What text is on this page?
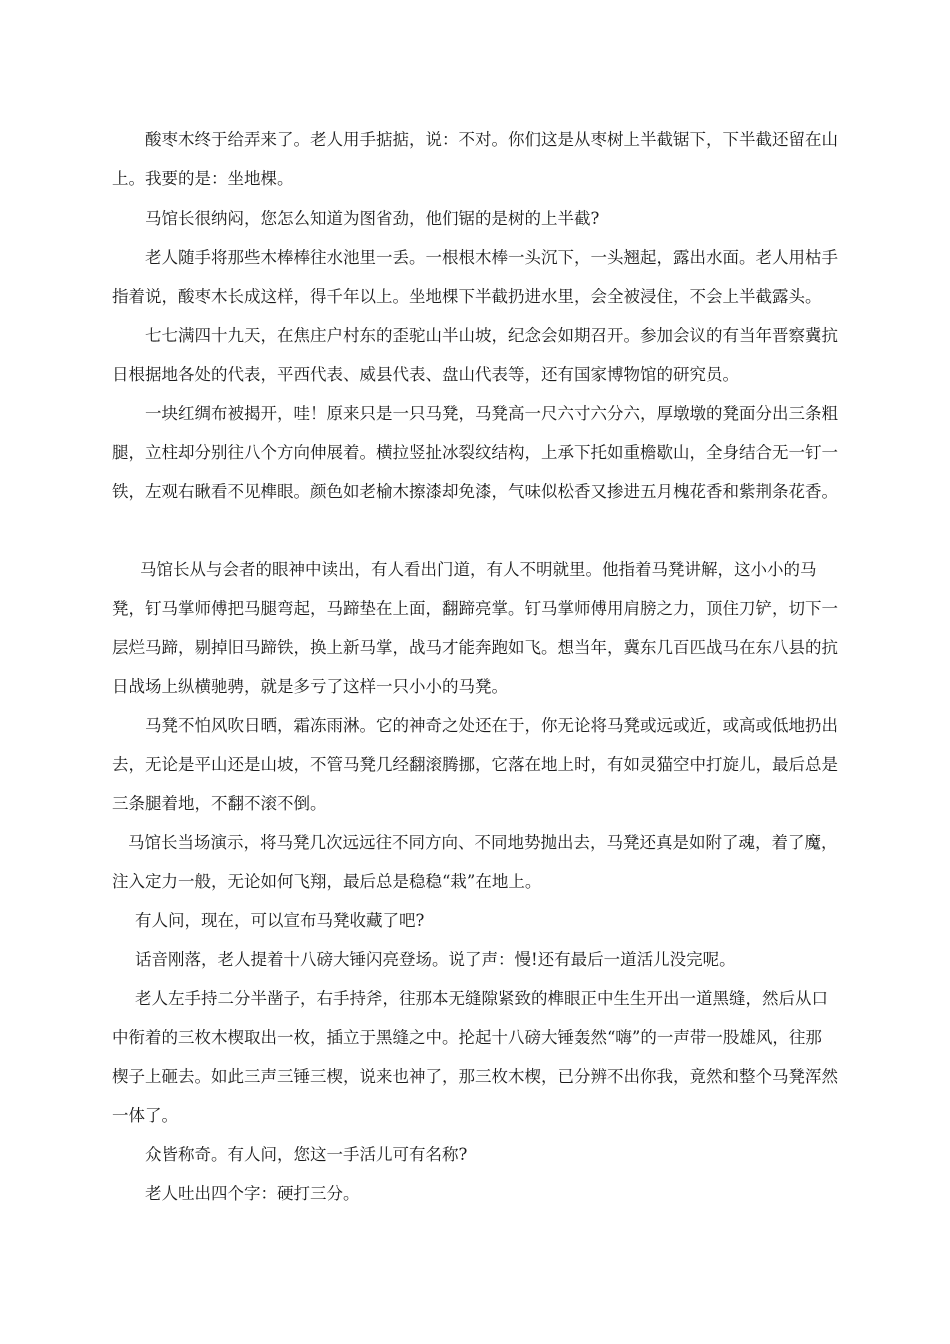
酸枣木终于给弄来了。老人用手掂掂，说：不对。你们这是从枣树上半截锯下，下半截还留在山上。我要的是：坐地棵。

马馆长很纳闷，您怎么知道为图省劲，他们锯的是树的上半截?

老人随手将那些木棒棒往水池里一丢。一根根木棒一头沉下，一头翘起，露出水面。老人用枯手指着说，酸枣木长成这样，得千年以上。坐地棵下半截扔进水里，会全被浸住，不会上半截露头。

七七满四十九天，在焦庄户村东的歪驼山半山坡，纪念会如期召开。参加会议的有当年晋察冀抗日根据地各处的代表，平西代表、威县代表、盘山代表等，还有国家博物馆的研究员。

一块红绸布被揭开，哇！原来只是一只马凳，马凳高一尺六寸六分六，厚墩墩的凳面分出三条粗腿，立柱却分别往八个方向伸展着。横拉竖扯冰裂纹结构，上承下托如重檐歇山，全身结合无一钉一铁，左观右瞅看不见榫眼。颜色如老榆木擦漆却免漆，气味似松香又掺进五月槐花香和紫荆条花香。

马馆长从与会者的眼神中读出，有人看出门道，有人不明就里。他指着马凳讲解，这小小的马凳，钉马掌师傅把马腿弯起，马蹄垫在上面，翻蹄亮掌。钉马掌师傅用肩膀之力，顶住刀铲，切下一层烂马蹄，剔掉旧马蹄铁，换上新马掌，战马才能奔跑如飞。想当年，冀东几百匹战马在东八县的抗日战场上纵横驰骋，就是多亏了这样一只小小的马凳。

马凳不怕风吹日晒，霜冻雨淋。它的神奇之处还在于，你无论将马凳或远或近，或高或低地扔出去，无论是平山还是山坡，不管马凳几经翻滚腾挪，它落在地上时，有如灵猫空中打旋儿，最后总是三条腿着地，不翻不滚不倒。

马馆长当场演示，将马凳几次远远往不同方向、不同地势抛出去，马凳还真是如附了魂，着了魔，注入定力一般，无论如何飞翔，最后总是稳稳“栽”在地上。

有人问，现在，可以宣布马凳收藏了吧?

话音刚落，老人提着十八磅大锤闪亮登场。说了声：慢!还有最后一道活儿没完呢。

老人左手持二分半凿子，右手持斧，往那本无缝隙紧致的榫眼正中生生开出一道黑缝，然后从口中衔着的三枚木楔取出一枚，插立于黑缝之中。抡起十八磅大锤轰然“嗨”的一声带一股雄风，往那楔子上砸去。如此三声三锤三楔，说来也神了，那三枚木楔，已分辨不出你我，竟然和整个马凳浑然一体了。

众皆称奇。有人问，您这一手活儿可有名称?

老人吐出四个字：硬打三分。
